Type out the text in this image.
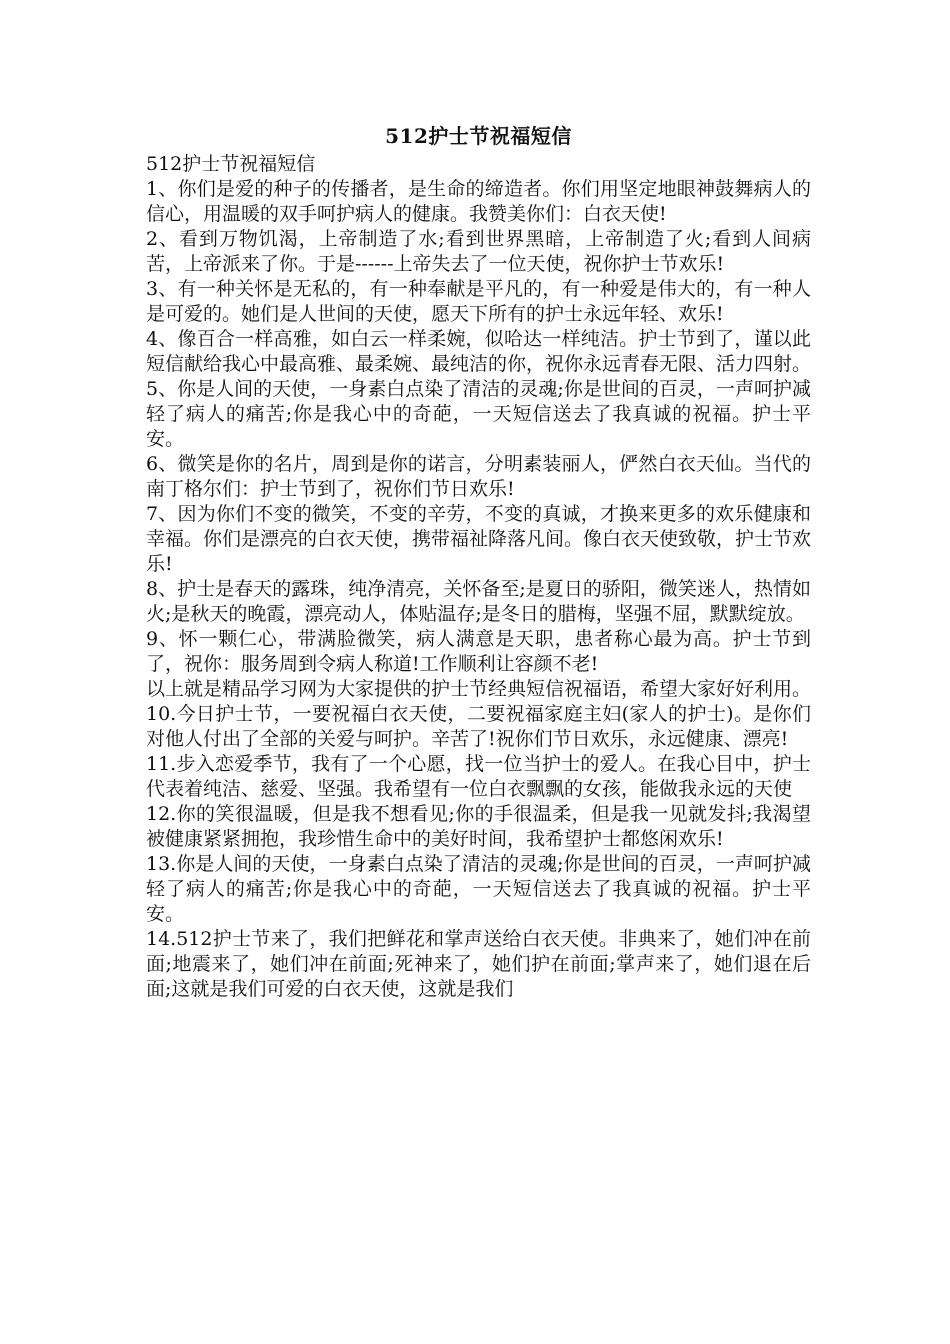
512护士节祝福短信

512护士节祝福短信

1、你们是爱的种子的传播者，是生命的缔造者。你们用坚定地眼神鼓舞病人的信心，用温暖的双手呵护病人的健康。我赞美你们：白衣天使!

2、看到万物饥渴，上帝制造了水;看到世界黑暗，上帝制造了火;看到人间病苦，上帝派来了你。于是------上帝失去了一位天使，祝你护士节欢乐!

3、有一种关怀是无私的，有一种奉献是平凡的，有一种爱是伟大的，有一种人是可爱的。她们是人世间的天使，愿天下所有的护士永远年轻、欢乐!

4、像百合一样高雅，如白云一样柔婉，似哈达一样纯洁。护士节到了，谨以此短信献给我心中最高雅、最柔婉、最纯洁的你，祝你永远青春无限、活力四射。

5、你是人间的天使，一身素白点染了清洁的灵魂;你是世间的百灵，一声呵护减轻了病人的痛苦;你是我心中的奇葩，一天短信送去了我真诚的祝福。护士平安。

6、微笑是你的名片，周到是你的诺言，分明素装丽人，俨然白衣天仙。当代的南丁格尔们：护士节到了，祝你们节日欢乐!

7、因为你们不变的微笑，不变的辛劳，不变的真诚，才换来更多的欢乐健康和幸福。你们是漂亮的白衣天使，携带福祉降落凡间。像白衣天使致敬，护士节欢乐!

8、护士是春天的露珠，纯净清亮，关怀备至;是夏日的骄阳，微笑迷人，热情如火;是秋天的晚霞，漂亮动人，体贴温存;是冬日的腊梅，坚强不屈，默默绽放。

9、怀一颗仁心，带满脸微笑，病人满意是天职，患者称心最为高。护士节到了，祝你：服务周到令病人称道!工作顺利让容颜不老!

以上就是精品学习网为大家提供的护士节经典短信祝福语，希望大家好好利用。

10.今日护士节，一要祝福白衣天使，二要祝福家庭主妇(家人的护士)。是你们对他人付出了全部的关爱与呵护。辛苦了!祝你们节日欢乐，永远健康、漂亮!

11.步入恋爱季节，我有了一个心愿，找一位当护士的爱人。在我心目中，护士代表着纯洁、慈爱、坚强。我希望有一位白衣飘飘的女孩，能做我永远的天使

12.你的笑很温暖，但是我不想看见;你的手很温柔，但是我一见就发抖;我渴望被健康紧紧拥抱，我珍惜生命中的美好时间，我希望护士都悠闲欢乐!

13.你是人间的天使，一身素白点染了清洁的灵魂;你是世间的百灵，一声呵护减轻了病人的痛苦;你是我心中的奇葩，一天短信送去了我真诚的祝福。护士平安。

14.512护士节来了，我们把鲜花和掌声送给白衣天使。非典来了，她们冲在前面;地震来了，她们冲在前面;死神来了，她们护在前面;掌声来了，她们退在后面;这就是我们可爱的白衣天使，这就是我们
